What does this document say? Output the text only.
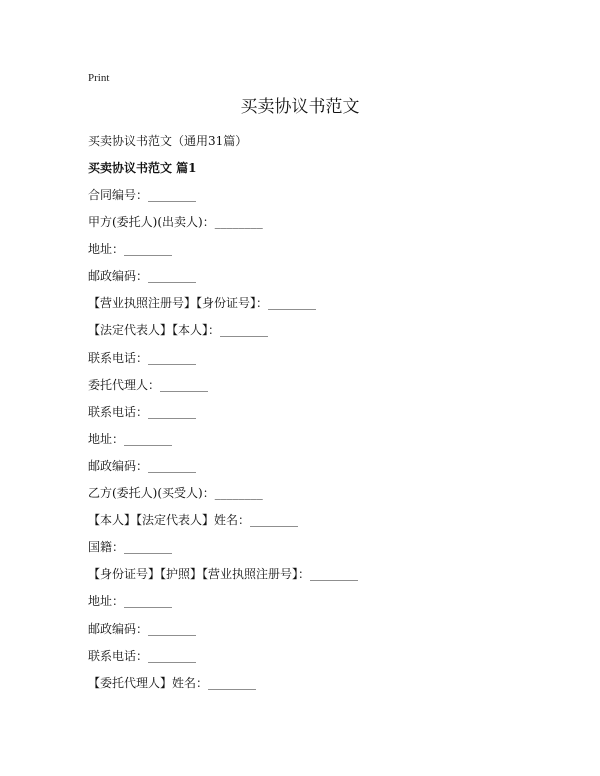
Print
买卖协议书范文
买卖协议书范文（通用31篇）
买卖协议书范文 篇1
合同编号：________
甲方(委托人)(出卖人)：________
地址：________
邮政编码：________
【营业执照注册号】【身份证号】：________
【法定代表人】【本人】：________
联系电话：________
委托代理人：________
联系电话：________
地址：________
邮政编码：________
乙方(委托人)(买受人)：________
【本人】【法定代表人】姓名：________
国籍：________
【身份证号】【护照】【营业执照注册号】：________
地址：________
邮政编码：________
联系电话：________
【委托代理人】姓名：________
